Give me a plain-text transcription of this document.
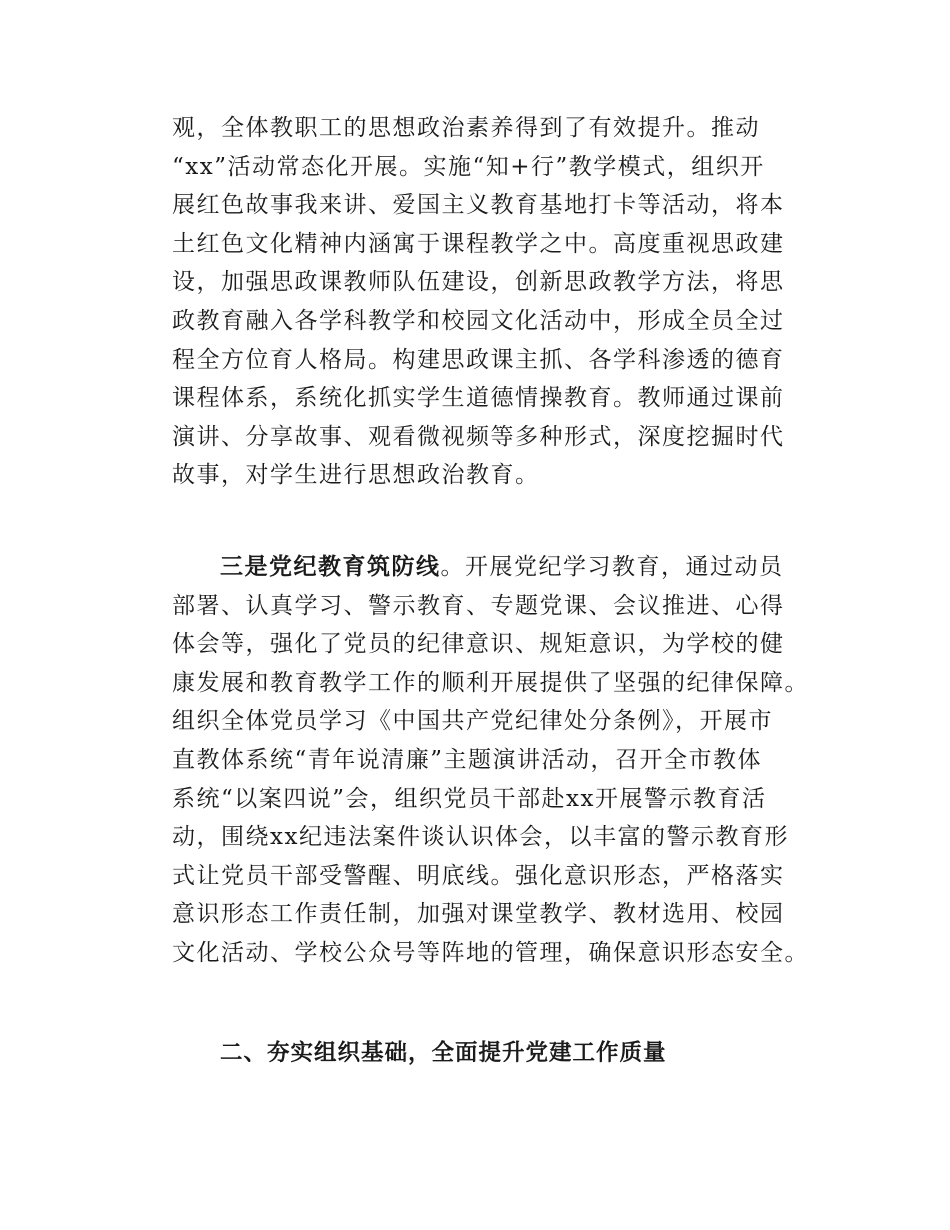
观，全体教职工的思想政治素养得到了有效提升。推动
“xx”活动常态化开展。实施“知+行”教学模式，组织开
展红色故事我来讲、爱国主义教育基地打卡等活动，将本
土红色文化精神内涵寓于课程教学之中。高度重视思政建
设，加强思政课教师队伍建设，创新思政教学方法，将思
政教育融入各学科教学和校园文化活动中，形成全员全过
程全方位育人格局。构建思政课主抓、各学科渗透的德育
课程体系，系统化抓实学生道德情操教育。教师通过课前
演讲、分享故事、观看微视频等多种形式，深度挖掘时代
故事，对学生进行思想政治教育。
三是党纪教育筑防线。开展党纪学习教育，通过动员
部署、认真学习、警示教育、专题党课、会议推进、心得
体会等，强化了党员的纪律意识、规矩意识，为学校的健
康发展和教育教学工作的顺利开展提供了坚强的纪律保障。
组织全体党员学习《中国共产党纪律处分条例》，开展市
直教体系统“青年说清廉”主题演讲活动，召开全市教体
系统“以案四说”会，组织党员干部赴xx开展警示教育活
动，围绕xx纪违法案件谈认识体会，以丰富的警示教育形
式让党员干部受警醒、明底线。强化意识形态，严格落实
意识形态工作责任制，加强对课堂教学、教材选用、校园
文化活动、学校公众号等阵地的管理，确保意识形态安全。
二、夯实组织基础，全面提升党建工作质量
